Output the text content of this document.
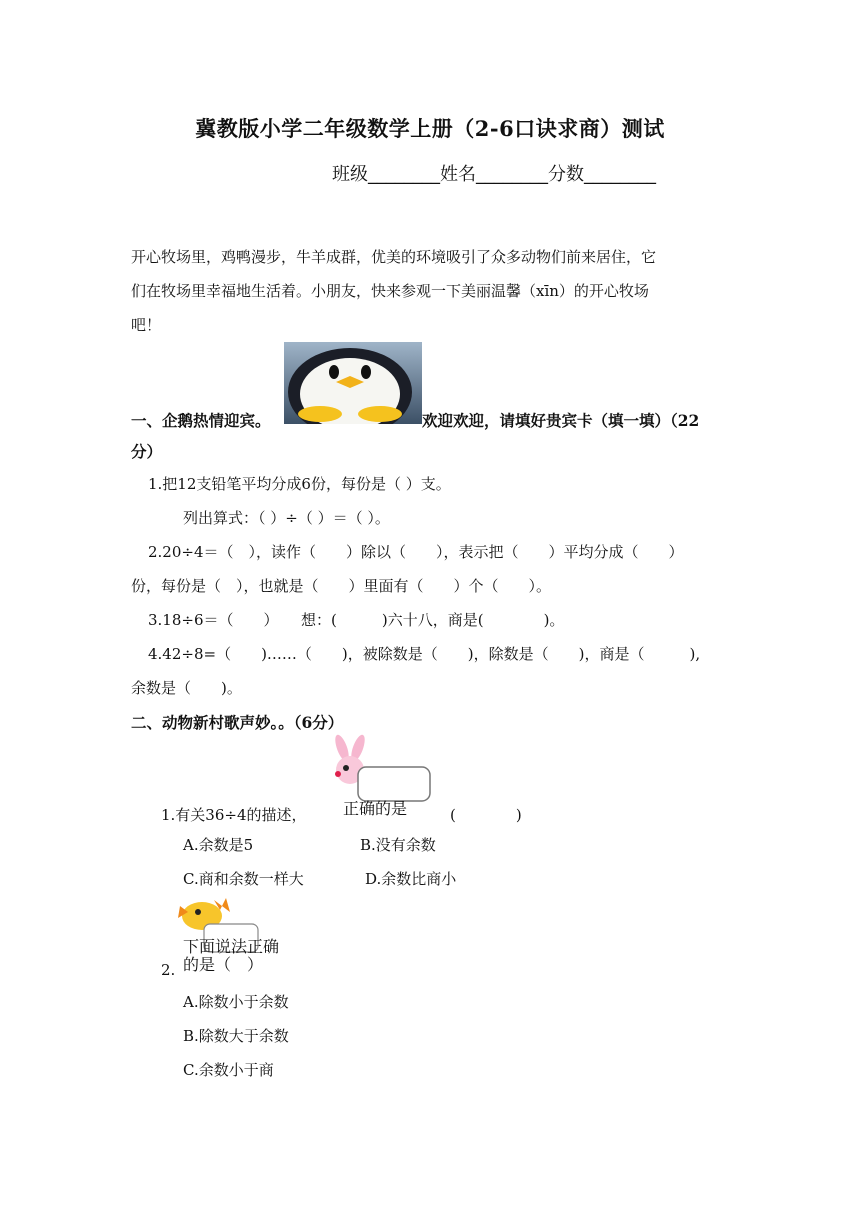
冀教版小学二年级数学上册（2-6口诀求商）测试
班级________姓名________分数________
开心牧场里，鸡鸭漫步，牛羊成群，优美的环境吸引了众多动物们前来居住，它
们在牧场里幸福地生活着。小朋友，快来参观一下美丽温馨（xīn）的开心牧场
吧！
一、企鹅热情迎宾。	欢迎欢迎，请填好贵宾卡（填一填）（22
分）
1.把12支铅笔平均分成6份，每份是（ ）支。
列出算式：（ ）÷（ ）＝（ ）。
2.20÷4＝（　），读作（　　）除以（　　），表示把（　　）平均分成（　　）
份，每份是（　），也就是（　　）里面有（　　）个（　　）。
3.18÷6＝（　　）　　想：(　　　)六十八，商是(　　　　)。
4.42÷8=（　　)……（　　)，被除数是（　　)，除数是（　　)，商是（　　　),
余数是（　　)。
二、动物新村歌声妙。。（6分）
正确的是
1.有关36÷4的描述，	(　　　　)
A.余数是5	B.没有余数
C.商和余数一样大	D.余数比商小
下面说法正确
的是（　）
2.
A.除数小于余数
B.除数大于余数
C.余数小于商
